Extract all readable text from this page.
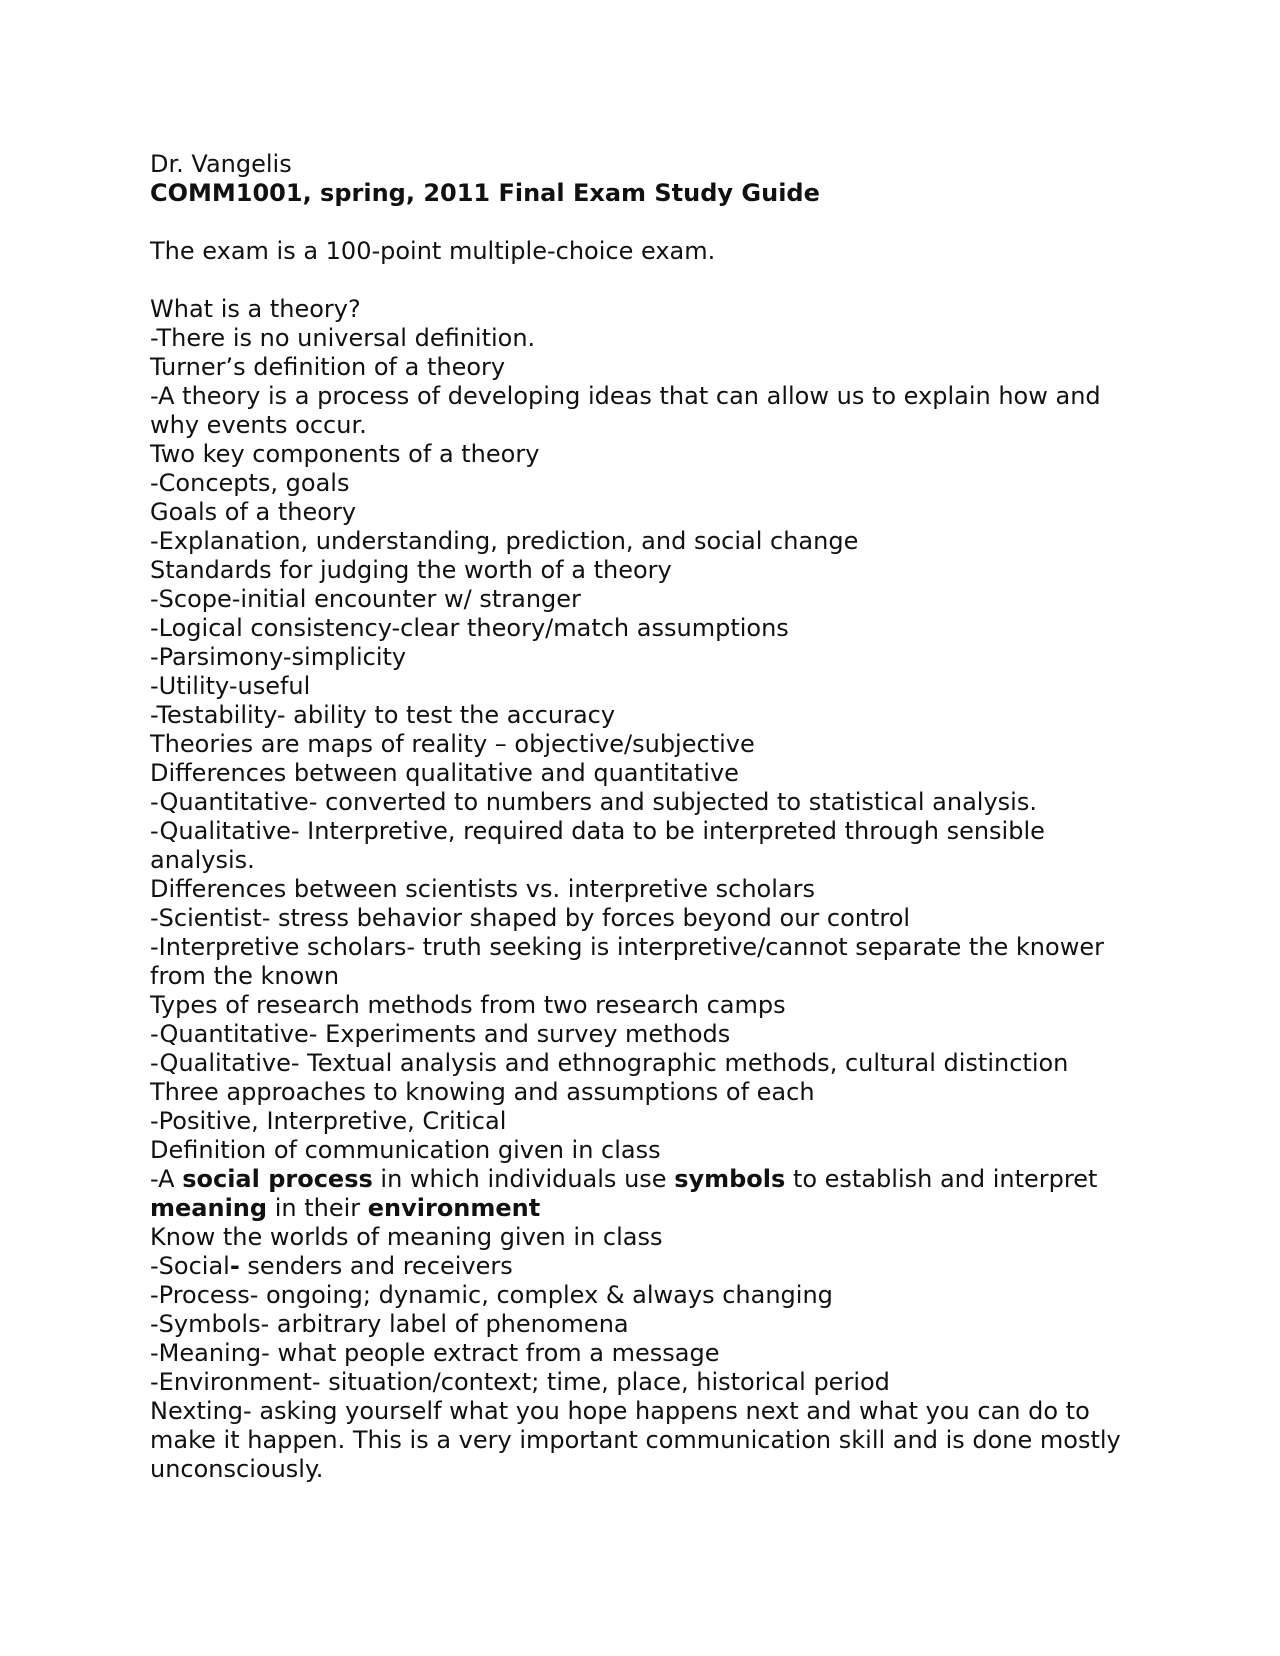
Dr. Vangelis

COMM1001, spring, 2011 Final Exam Study Guide

The exam is a 100-point multiple-choice exam.

What is a theory?

-There is no universal definition.

Turner’s definition of a theory

-A theory is a process of developing ideas that can allow us to explain how and why events occur.

Two key components of a theory

-Concepts, goals

Goals of a theory

-Explanation, understanding, prediction, and social change

Standards for judging the worth of a theory

-Scope-initial encounter w/ stranger

-Logical consistency-clear theory/match assumptions

-Parsimony-simplicity

-Utility-useful

-Testability- ability to test the accuracy

Theories are maps of reality – objective/subjective

Differences between qualitative and quantitative

-Quantitative- converted to numbers and subjected to statistical analysis.

-Qualitative- Interpretive, required data to be interpreted through sensible analysis.

Differences between scientists vs. interpretive scholars

-Scientist- stress behavior shaped by forces beyond our control

-Interpretive scholars- truth seeking is interpretive/cannot separate the knower from the known

Types of research methods from two research camps

-Quantitative- Experiments and survey methods

-Qualitative- Textual analysis and ethnographic methods, cultural distinction

Three approaches to knowing and assumptions of each

-Positive, Interpretive, Critical

Definition of communication given in class

-A social process in which individuals use symbols to establish and interpret meaning in their environment

Know the worlds of meaning given in class

-Social- senders and receivers

-Process- ongoing; dynamic, complex & always changing

-Symbols- arbitrary label of phenomena

-Meaning- what people extract from a message

-Environment- situation/context; time, place, historical period

Nexting- asking yourself what you hope happens next and what you can do to make it happen. This is a very important communication skill and is done mostly unconsciously.
